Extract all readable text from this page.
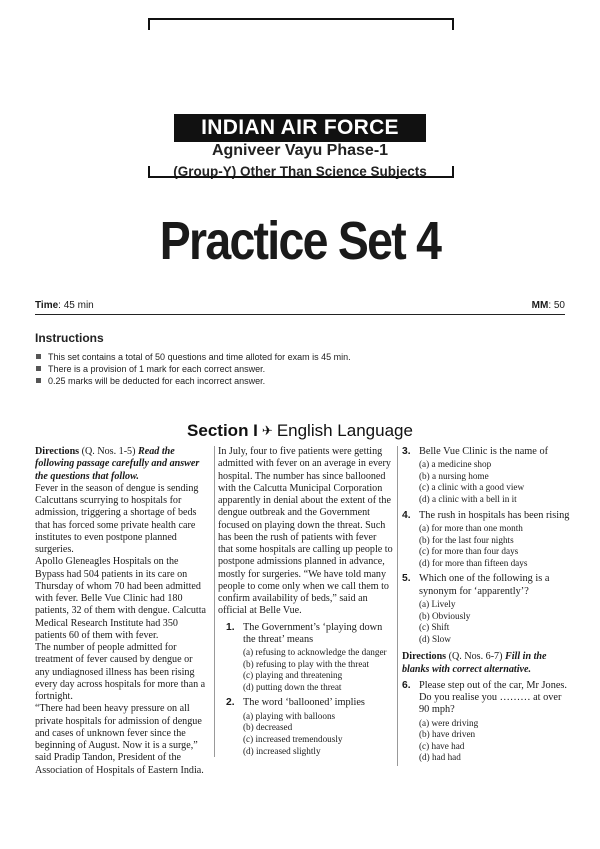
INDIAN AIR FORCE
Agniveer Vayu Phase-1
(Group-Y) Other Than Science Subjects
Practice Set 4
Time: 45 min	MM: 50
Instructions
This set contains a total of 50 questions and time alloted for exam is 45 min.
There is a provision of 1 mark for each correct answer.
0.25 marks will be deducted for each incorrect answer.
Section I ✈ English Language

Directions (Q. Nos. 1-5) Read the following passage carefully and answer the questions that follow.

Fever in the season of dengue is sending Calcuttans scurrying to hospitals for admission, triggering a shortage of beds that has forced some private health care institutes to even postpone planned surgeries.

Apollo Gleneagles Hospitals on the Bypass had 504 patients in its care on Thursday of whom 70 had been admitted with fever. Belle Vue Clinic had 180 patients, 32 of them with dengue. Calcutta Medical Research Institute had 350 patients 60 of them with fever.

The number of people admitted for treatment of fever caused by dengue or any undiagnosed illness has been rising every day across hospitals for more than a fortnight.

“There had been heavy pressure on all private hospitals for admission of dengue and cases of unknown fever since the beginning of August. Now it is a surge,” said Pradip Tandon, President of the Association of Hospitals of Eastern India.

In July, four to five patients were getting admitted with fever on an average in every hospital. The number has since ballooned with the Calcutta Municipal Corporation apparently in denial about the extent of the dengue outbreak and the Government focused on playing down the threat. Such has been the rush of patients with fever that some hospitals are calling up people to postpone admissions planned in advance, mostly for surgeries. “We have told many people to come only when we call them to confirm availability of beds,” said an official at Belle Vue.

1. The Government’s ‘playing down the threat’ means
(a) refusing to acknowledge the danger
(b) refusing to play with the threat
(c) playing and threatening
(d) putting down the threat
2. The word ‘ballooned’ implies
(a) playing with balloons
(b) decreased
(c) increased tremendously
(d) increased slightly
3. Belle Vue Clinic is the name of
(a) a medicine shop
(b) a nursing home
(c) a clinic with a good view
(d) a clinic with a bell in it
4. The rush in hospitals has been rising
(a) for more than one month
(b) for the last four nights
(c) for more than four days
(d) for more than fifteen days
5. Which one of the following is a synonym for ‘apparently’?
(a) Lively
(b) Obviously
(c) Shift
(d) Slow

Directions (Q. Nos. 6-7) Fill in the blanks with correct alternative.

6. Please step out of the car, Mr Jones. Do you realise you ……… at over 90 mph?
(a) were driving
(b) have driven
(c) have had
(d) had had
